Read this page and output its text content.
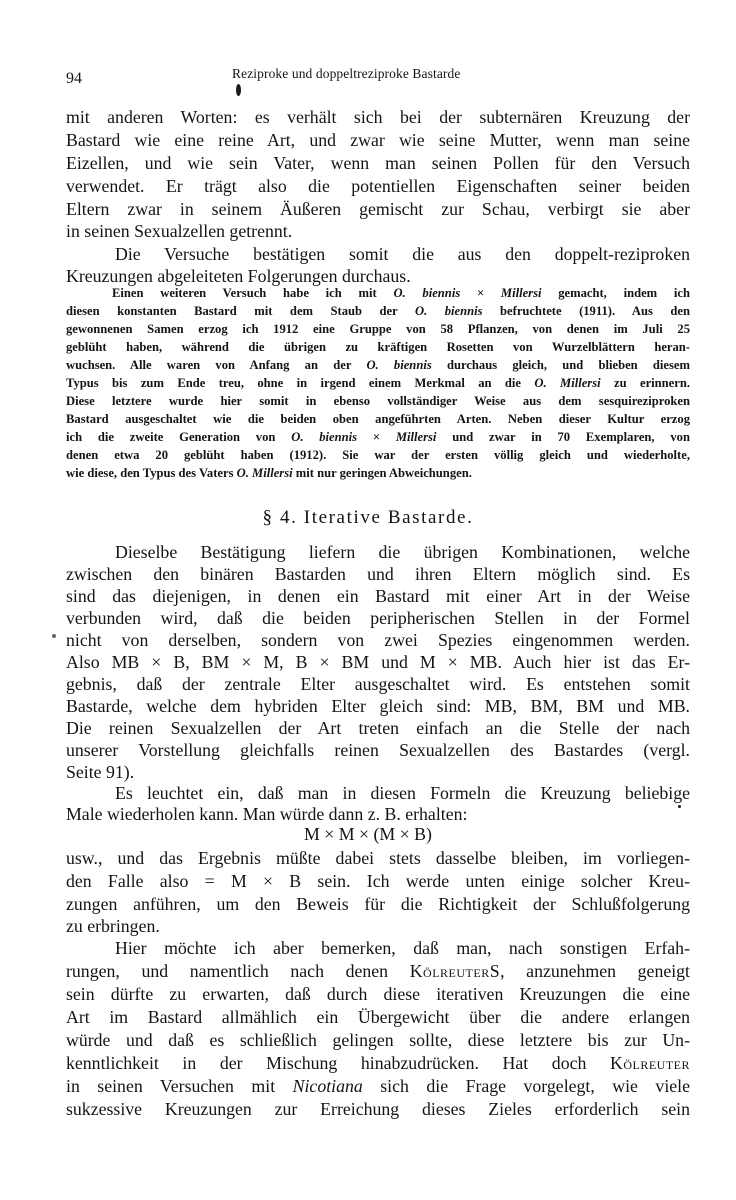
94	Reziproke und doppeltreziproke Bastarde
mit anderen Worten: es verhält sich bei der subternären Kreuzung der
Bastard wie eine reine Art, und zwar wie seine Mutter, wenn man seine
Eizellen, und wie sein Vater, wenn man seinen Pollen für den Versuch
verwendet. Er trägt also die potentiellen Eigenschaften seiner beiden
Eltern zwar in seinem Äußeren gemischt zur Schau, verbirgt sie aber
in seinen Sexualzellen getrennt.
Die Versuche bestätigen somit die aus den doppelt-reziproken
Kreuzungen abgeleiteten Folgerungen durchaus.
Einen weiteren Versuch habe ich mit O. biennis × Millersi gemacht, indem ich
diesen konstanten Bastard mit dem Staub der O. biennis befruchtete (1911). Aus den
gewonnenen Samen erzog ich 1912 eine Gruppe von 58 Pflanzen, von denen im Juli 25
geblüht haben, während die übrigen zu kräftigen Rosetten von Wurzelblättern heran-
wuchsen. Alle waren von Anfang an der O. biennis durchaus gleich, und blieben diesem
Typus bis zum Ende treu, ohne in irgend einem Merkmal an die O. Millersi zu erinnern.
Diese letztere wurde hier somit in ebenso vollständiger Weise aus dem sesquireziproken
Bastard ausgeschaltet wie die beiden oben angeführten Arten. Neben dieser Kultur erzog
ich die zweite Generation von O. biennis × Millersi und zwar in 70 Exemplaren, von
denen etwa 20 geblüht haben (1912). Sie war der ersten völlig gleich und wiederholte,
wie diese, den Typus des Vaters O. Millersi mit nur geringen Abweichungen.
§ 4. Iterative Bastarde.
Dieselbe Bestätigung liefern die übrigen Kombinationen, welche
zwischen den binären Bastarden und ihren Eltern möglich sind. Es
sind das diejenigen, in denen ein Bastard mit einer Art in der Weise
verbunden wird, daß die beiden peripherischen Stellen in der Formel
nicht von derselben, sondern von zwei Spezies eingenommen werden.
Also MB × B, BM × M, B × BM und M × MB. Auch hier ist das Er-
gebnis, daß der zentrale Elter ausgeschaltet wird. Es entstehen somit
Bastarde, welche dem hybriden Elter gleich sind: MB, BM, BM und MB.
Die reinen Sexualzellen der Art treten einfach an die Stelle der nach
unserer Vorstellung gleichfalls reinen Sexualzellen des Bastardes (vergl.
Seite 91).
Es leuchtet ein, daß man in diesen Formeln die Kreuzung beliebige
Male wiederholen kann. Man würde dann z. B. erhalten:
M × M × (M × B)
usw., und das Ergebnis müßte dabei stets dasselbe bleiben, im vorliegen-
den Falle also = M × B sein. Ich werde unten einige solcher Kreu-
zungen anführen, um den Beweis für die Richtigkeit der Schlußfolgerung
zu erbringen.
Hier möchte ich aber bemerken, daß man, nach sonstigen Erfah-
rungen, und namentlich nach denen KölreuterS, anzunehmen geneigt
sein dürfte zu erwarten, daß durch diese iterativen Kreuzungen die eine
Art im Bastard allmählich ein Übergewicht über die andere erlangen
würde und daß es schließlich gelingen sollte, diese letztere bis zur Un-
kenntlichkeit in der Mischung hinabzudrücken. Hat doch Kölreuter
in seinen Versuchen mit Nicotiana sich die Frage vorgelegt, wie viele
sukzessive Kreuzungen zur Erreichung dieses Zieles erforderlich sein
